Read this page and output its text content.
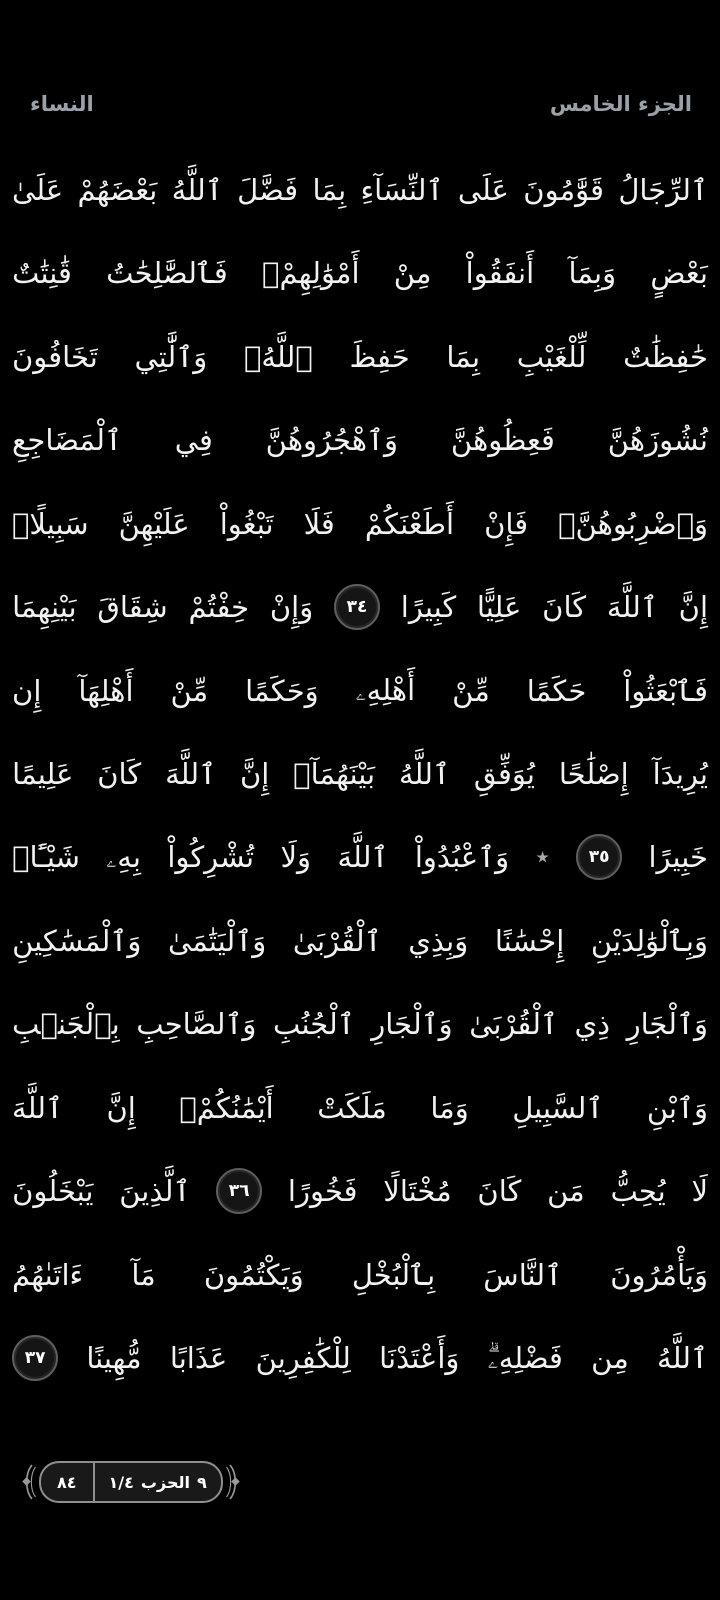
النساء	الجزء الخامس
ٱلرِّجَالُ
قَوَّٰمُونَ
عَلَى
ٱلنِّسَآءِ
بِمَا
فَضَّلَ
ٱللَّهُ
بَعْضَهُمْ
عَلَىٰ
بَعْضٍ
وَبِمَآ
أَنفَقُواْ
مِنْ
أَمْوَٰلِهِمْۚ
فَٱلصَّٰلِحَٰتُ
قَٰنِتَٰتٌ
حَٰفِظَٰتٌ
لِّلْغَيْبِ
بِمَا
حَفِظَ
ٱللَّهُۚ
وَٱلَّٰتِي
تَخَافُونَ
نُشُوزَهُنَّ
فَعِظُوهُنَّ
وَٱهْجُرُوهُنَّ
فِي
ٱلْمَضَاجِعِ
وَٱضْرِبُوهُنَّۖ
فَإِنْ
أَطَعْنَكُمْ
فَلَا
تَبْغُواْ
عَلَيْهِنَّ
سَبِيلًاۗ
إِنَّ
ٱللَّهَ
كَانَ
عَلِيًّا
كَبِيرًا
٣٤
وَإِنْ
خِفْتُمْ
شِقَاقَ
بَيْنِهِمَا
فَٱبْعَثُواْ
حَكَمًا
مِّنْ
أَهْلِهِۦ
وَحَكَمًا
مِّنْ
أَهْلِهَآ
إِن
يُرِيدَآ
إِصْلَٰحًا
يُوَفِّقِ
ٱللَّهُ
بَيْنَهُمَآۗ
إِنَّ
ٱللَّهَ
كَانَ
عَلِيمًا
خَبِيرًا
٣٥
٭
وَٱعْبُدُواْ
ٱللَّهَ
وَلَا
تُشْرِكُواْ
بِهِۦ
شَيْـًٔاۖ
وَبِٱلْوَٰلِدَيْنِ
إِحْسَٰنًا
وَبِذِي
ٱلْقُرْبَىٰ
وَٱلْيَتَٰمَىٰ
وَٱلْمَسَٰكِينِ
وَٱلْجَارِ
ذِي
ٱلْقُرْبَىٰ
وَٱلْجَارِ
ٱلْجُنُبِ
وَٱلصَّاحِبِ
بِٱلْجَنۢبِ
وَٱبْنِ
ٱلسَّبِيلِ
وَمَا
مَلَكَتْ
أَيْمَٰنُكُمْۗ
إِنَّ
ٱللَّهَ
لَا
يُحِبُّ
مَن
كَانَ
مُخْتَالًا
فَخُورًا
٣٦
ٱلَّذِينَ
يَبْخَلُونَ
وَيَأْمُرُونَ
ٱلنَّاسَ
بِٱلْبُخْلِ
وَيَكْتُمُونَ
مَآ
ءَاتَىٰهُمُ
ٱللَّهُ
مِن
فَضْلِهِۦۗ
وَأَعْتَدْنَا
لِلْكَٰفِرِينَ
عَذَابًا
مُّهِينًا
٣٧
٨٤ ١/٤ الحزب ٩
